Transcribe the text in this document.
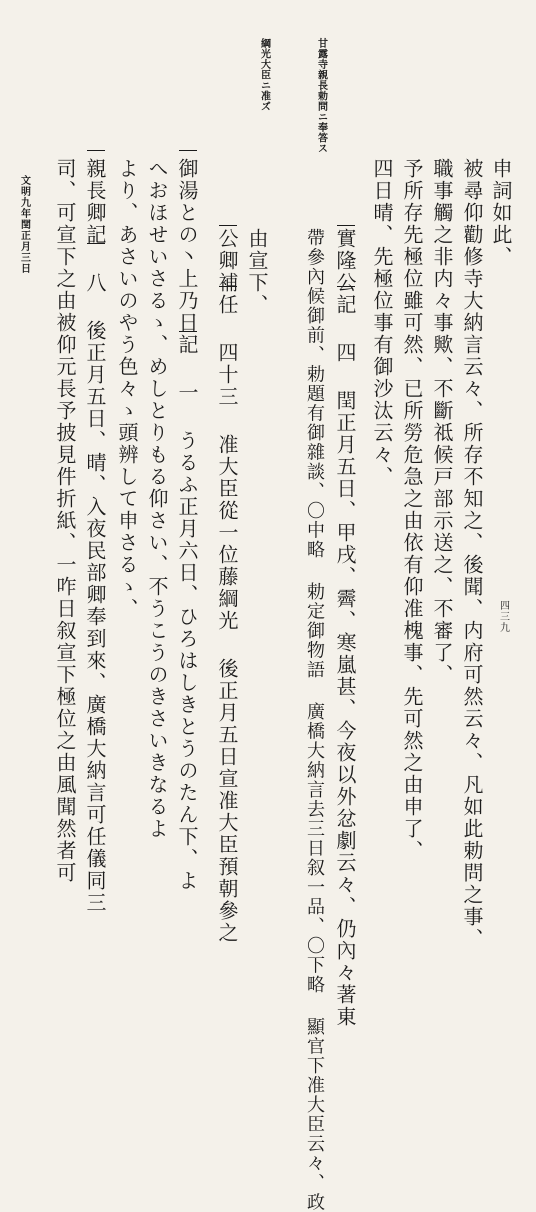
甘露寺親長勅問ニ奉答ス
綱光大臣ニ准ズ
申詞如此、
被尋仰勸修寺大納言云々、所存不知之、後聞、内府可然云々、凡如此勅問之事、
職事觸之非内々事歟、不斷祗候戸部示送之、不審了、
予所存先極位雖可然、已所勞危急之由依有仰准槐事、先可然之由申了、
四日晴、先極位事有御沙汰云々、
實隆公記 四 閏正月五日、甲戌、霽、寒嵐甚、今夜以外忿劇云々、仍內々著東
帶參內候御前、勅題有御雜談、〇中略 勅定御物語 廣橋大納言去三日叙一品、〇下略 顯官下准大臣云々、政
由宣下、
公卿補任 四十三 准大臣從一位藤綱光 後正月五日宣准大臣預朝參之
御湯との丶上乃日記 一 うるふ正月六日、ひろはしきとうのたん下、よ
へおほせいさるゝ、めしとりもる仰さい、不うこうのきさいきなるよ
より、あさいのやう色々ゝ頭辨して申さるゝ、
親長卿記 八 後正月五日、晴、入夜民部卿奉到來、廣橋大納言可任儀同三
司、可宣下之由被仰元長予披見件折紙、一咋日叙宣下極位之由風聞然者可
文明九年閏正月三日
四三九
